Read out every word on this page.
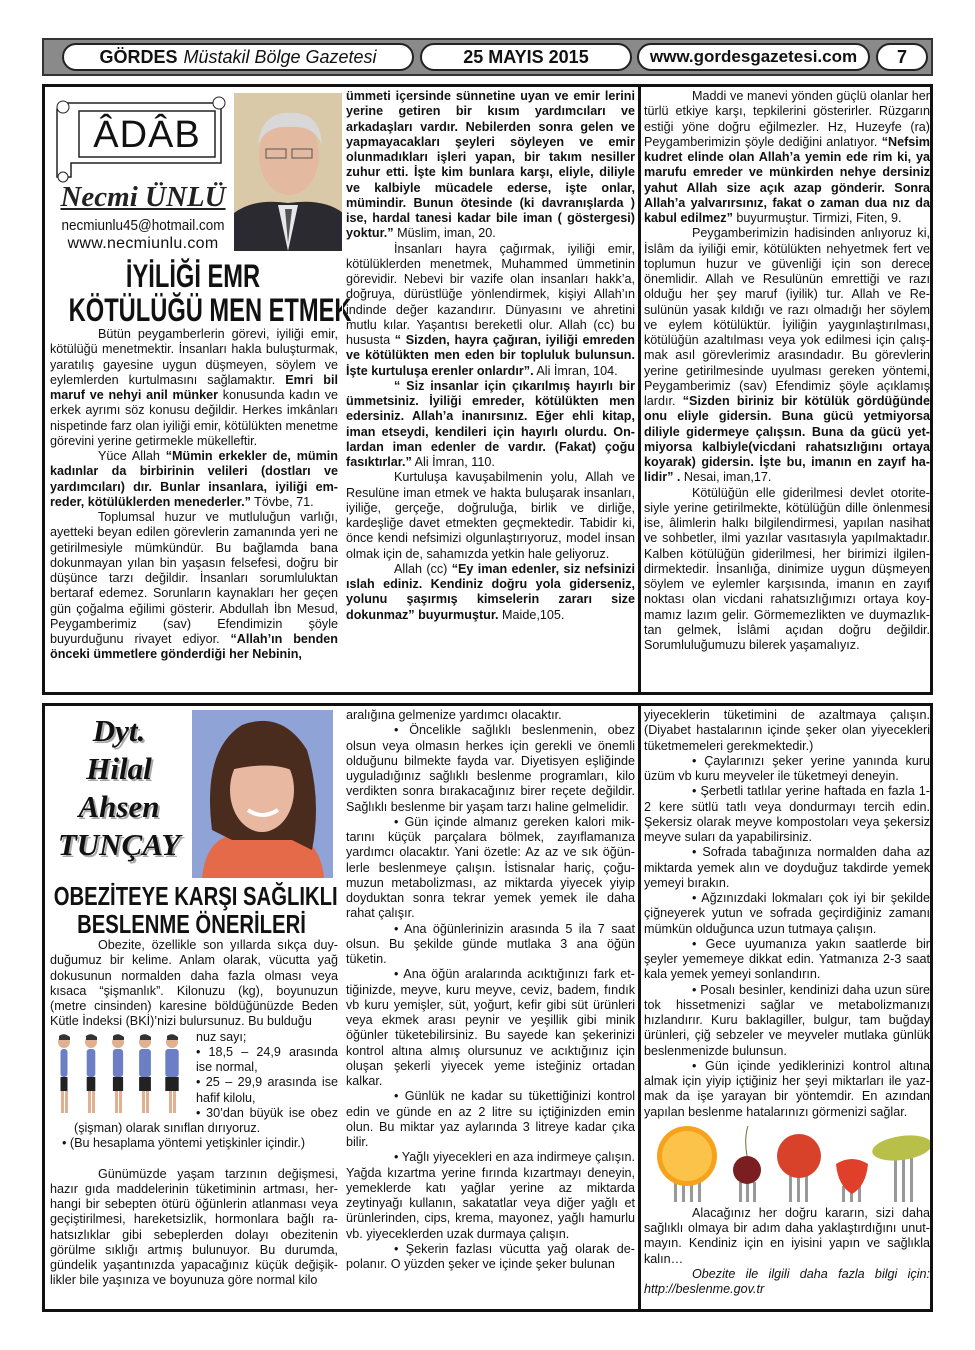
GÖRDES Müstakil Bölge Gazetesi	25 MAYIS 2015	www.gordesgazetesi.com	7
ÂDÂB
Necmi ÜNLÜ
necmiunlu45@hotmail.com
www.necmiunlu.com
İYİLİĞİ EMR
KÖTÜLÜĞÜ MEN ETMEK

Bütün peygamberlerin görevi, iyiliği emir, kötülüğü menetmektir. İnsanları hakla buluşturmak, yaratılış gayesine uygun düşmeyen, söylem ve eylemlerden kurtulmasını sağlamaktır. Emri bil maruf ve nehyi anil münker konusunda kadın ve erkek ayrımı söz konusu değildir. Herkes imkânları nispetinde farz olan iyiliği emir, kötülükten menetme görevini yerine getirmekle mükelleftir.

Yüce Allah “Mümin erkekler de, mümin kadınlar da birbirinin velileri (dostları ve yardımcıları) dır. Bunlar insanlara, iyiliği emreder, kötülüklerden menederler.” Tövbe, 71.

Toplumsal huzur ve mutluluğun varlığı, ayetteki beyan edilen görevlerin zamanında yeri ne getirilmesiyle mümkündür. Bu bağlamda bana dokunmayan yılan bin yaşasın felsefesi, doğru bir düşünce tarzı değildir. İnsanları sorumluluktan bertaraf edemez. Sorunların kaynakları her geçen gün çoğalma eğilimi gösterir. Abdullah İbn Mesud, Peygamberimiz (sav) Efendimizin şöyle buyurduğunu rivayet ediyor. “Allah’ın benden önceki ümmetlere gönderdiği her Nebinin,

ümmeti içersinde sünnetine uyan ve emir lerini yerine getiren bir kısım yardımcıları ve arkadaşları vardır. Nebilerden sonra gelen ve yapmayacakları şeyleri söyleyen ve emir olunmadıkları işleri yapan, bir takım nesiller zuhur etti. İşte kim bunlara karşı, eliyle, diliyle ve kalbiyle mücadele ederse, işte onlar, mümindir. Bunun ötesinde (ki davranışlarda ) ise, hardal tanesi kadar bile iman ( göstergesi) yoktur.” Müslim, iman, 20.

İnsanları hayra çağırmak, iyiliği emir, kötülüklerden menetmek, Muhammed ümmetinin görevidir. Nebevi bir vazife olan insanları hakk’a, doğruya, dürüstlüğe yönlendirmek, kişiyi Allah’ın indinde değer kazandırır. Dünyasını ve ahretini mutlu kılar. Yaşantısı bereketli olur. Allah (cc) bu hususta “ Sizden, hayra çağıran, iyiliği emreden ve kötülükten men eden bir topluluk bulunsun. İşte kurtuluşa erenler onlardır”. Ali İmran, 104.

“ Siz insanlar için çıkarılmış hayırlı bir ümmetsiniz. İyiliği emreder, kötülükten men edersiniz. Allah’a inanırsınız. Eğer ehli kitap, iman etseydi, kendileri için hayırlı olurdu. Onlardan iman edenler de vardır. (Fakat) çoğu fasıktırlar.” Ali İmran, 110.

Kurtuluşa kavuşabilmenin yolu, Allah ve Resulüne iman etmek ve hakta buluşarak insanları, iyiliğe, gerçeğe, doğruluğa, birlik ve dirliğe, kardeşliğe davet etmekten geçmektedir. Tabidir ki, önce kendi nefsimizi olgunlaştırıyoruz, model insan olmak için de, sahamızda yetkin hale geliyoruz.

Allah (cc) “Ey iman edenler, siz nefsinizi ıslah ediniz. Kendiniz doğru yola giderseniz, yolunu şaşırmış kimselerin zararı size dokunmaz” buyurmuştur. Maide,105.

Maddi ve manevi yönden güçlü olanlar her türlü etkiye karşı, tepkilerini gösterirler. Rüzgarın estiği yöne doğru eğilmezler. Hz, Huzeyfe (ra) Peygamberimizin şöyle dediğini anlatıyor. “Nefsim kudret elinde olan Allah’a yemin ede rim ki, ya marufu emreder ve münkirden nehye dersiniz yahut Allah size açık azap gönderir. Sonra Allah’a yalvarırsınız, fakat o zaman dua nız da kabul edilmez” buyurmuştur. Tirmizi, Fiten, 9.

Peygamberimizin hadisinden anlıyoruz ki, İslâm da iyiliği emir, kötülükten nehyetmek fert ve toplumun huzur ve güvenliği için son derece önemlidir. Allah ve Resulünün emrettiği ve razı olduğu her şey maruf (iyilik) tur. Allah ve Resulünün yasak kıldığı ve razı olmadığı her söylem ve eylem kötülüktür. İyiliğin yaygınlaştırılması, kötülüğün azaltılması veya yok edilmesi için çalışmak asıl görevlerimiz arasındadır. Bu görevlerin yerine getirilmesinde uyulması gereken yöntemi, Peygamberimiz (sav) Efendimiz şöyle açıklamış lardır. “Sizden biriniz bir kötülük gördüğünde onu eliyle gidersin. Buna gücü yetmiyorsa diliyle gidermeye çalışsın. Buna da gücü yetmiyorsa kalbiyle(vicdani rahatsızlığını ortaya koyarak) gidersin. İşte bu, imanın en zayıf halidir” . Nesai, iman,17.

Kötülüğün elle giderilmesi devlet otoritesiyle yerine getirilmekte, kötülüğün dille önlenmesi ise, âlimlerin halkı bilgilendirmesi, yapılan nasihat ve sohbetler, ilmi yazılar vasıtasıyla yapılmaktadır. Kalben kötülüğün giderilmesi, her birimizi ilgilendirmektedir. İnsanlığa, dinimize uygun düşmeyen söylem ve eylemler karşısında, imanın en zayıf noktası olan vicdani rahatsızlığımızı ortaya koymamız lazım gelir. Görmemezlikten ve duymazlıktan gelmek, İslâmi açıdan doğru değildir. Sorumluluğumuzu bilerek yaşamalıyız.

Dyt.
Hilal
Ahsen
TUNÇAY
OBEZİTEYE KARŞI SAĞLIKLI
BESLENME ÖNERİLERİ

Obezite, özellikle son yıllarda sıkça duyduğumuz bir kelime. Anlam olarak, vücutta yağ dokusunun normalden daha fazla olması veya kısaca “şişmanlık”. Kilonuzu (kg), boyunuzun (metre cinsinden) karesine böldüğünüzde Beden Kütle İndeksi (BKİ)’nizi bulursunuz. Bu bulduğu

nuz sayı;

• 18,5 – 24,9 arasında ise normal,

• 25 – 29,9 arasında ise hafif kilolu,

• 30’dan büyük ise obez (şişman) olarak sınıflan dırıyoruz.

• (Bu hesaplama yöntemi yetişkinler içindir.)

Günümüzde yaşam tarzının değişmesi, hazır gıda maddelerinin tüketiminin artması, herhangi bir sebepten ötürü öğünlerin atlanması veya geçiştirilmesi, hareketsizlik, hormonlara bağlı rahatsızlıklar gibi sebeplerden dolayı obezitenin görülme sıklığı artmış bulunuyor. Bu durumda, gündelik yaşantınızda yapacağınız küçük değişiklikler bile yaşınıza ve boyunuza göre normal kilo

aralığına gelmenize yardımcı olacaktır.

• Öncelikle sağlıklı beslenmenin, obez olsun veya olmasın herkes için gerekli ve önemli olduğunu bilmekte fayda var. Diyetisyen eşliğinde uyguladığınız sağlıklı beslenme programları, kilo verdikten sonra bırakacağınız birer reçete değildir. Sağlıklı beslenme bir yaşam tarzı haline gelmelidir.

• Gün içinde almanız gereken kalori miktarını küçük parçalara bölmek, zayıflamanıza yardımcı olacaktır. Yani özetle: Az az ve sık öğünlerle beslenmeye çalışın. İstisnalar hariç, çoğumuzun metabolizması, az miktarda yiyecek yiyip doyduktan sonra tekrar yemek yemek ile daha rahat çalışır.

• Ana öğünlerinizin arasında 5 ila 7 saat olsun. Bu şekilde günde mutlaka 3 ana öğün tüketin.

• Ana öğün aralarında acıktığınızı fark ettiğinizde, meyve, kuru meyve, ceviz, badem, fındık vb kuru yemişler, süt, yoğurt, kefir gibi süt ürünleri veya ekmek arası peynir ve yeşillik gibi minik öğünler tüketebilirsiniz. Bu sayede kan şekerinizi kontrol altına almış olursunuz ve acıktığınız için oluşan şekerli yiyecek yeme isteğiniz ortadan kalkar.

• Günlük ne kadar su tükettiğinizi kontrol edin ve günde en az 2 litre su içtiğinizden emin olun. Bu miktar yaz aylarında 3 litreye kadar çıka bilir.

• Yağlı yiyecekleri en aza indirmeye çalışın. Yağda kızartma yerine fırında kızartmayı deneyin, yemeklerde katı yağlar yerine az miktarda zeytinyağı kullanın, sakatatlar veya diğer yağlı et ürünlerinden, cips, krema, mayonez, yağlı hamurlu vb. yiyeceklerden uzak durmaya çalışın.

• Şekerin fazlası vücutta yağ olarak depolanır. O yüzden şeker ve içinde şeker bulunan

yiyeceklerin tüketimini de azaltmaya çalışın. (Diyabet hastalarının içinde şeker olan yiyecekleri tüketmemeleri gerekmektedir.)

• Çaylarınızı şeker yerine yanında kuru üzüm vb kuru meyveler ile tüketmeyi deneyin.

• Şerbetli tatlılar yerine haftada en fazla 1-2 kere sütlü tatlı veya dondurmayı tercih edin. Şekersiz olarak meyve kompostoları veya şekersiz meyve suları da yapabilirsiniz.

• Sofrada tabağınıza normalden daha az miktarda yemek alın ve doyduğuz takdirde yemek yemeyi bırakın.

• Ağzınızdaki lokmaları çok iyi bir şekilde çiğneyerek yutun ve sofrada geçirdiğiniz zamanı mümkün olduğunca uzun tutmaya çalışın.

• Gece uyumanıza yakın saatlerde bir şeyler yememeye dikkat edin. Yatmanıza 2-3 saat kala yemek yemeyi sonlandırın.

• Posalı besinler, kendinizi daha uzun süre tok hissetmenizi sağlar ve metabolizmanızı hızlandırır. Kuru baklagiller, bulgur, tam buğday ürünleri, çiğ sebzeler ve meyveler mutlaka günlük beslenmenizde bulunsun.

• Gün içinde yediklerinizi kontrol altına almak için yiyip içtiğiniz her şeyi miktarları ile yazmak da işe yarayan bir yöntemdir. En azından yapılan beslenme hatalarınızı görmenizi sağlar.

Alacağınız her doğru kararın, sizi daha sağlıklı olmaya bir adım daha yaklaştırdığını unutmayın. Kendiniz için en iyisini yapın ve sağlıkla kalın…

Obezite ile ilgili daha fazla bilgi için: http://beslenme.gov.tr
